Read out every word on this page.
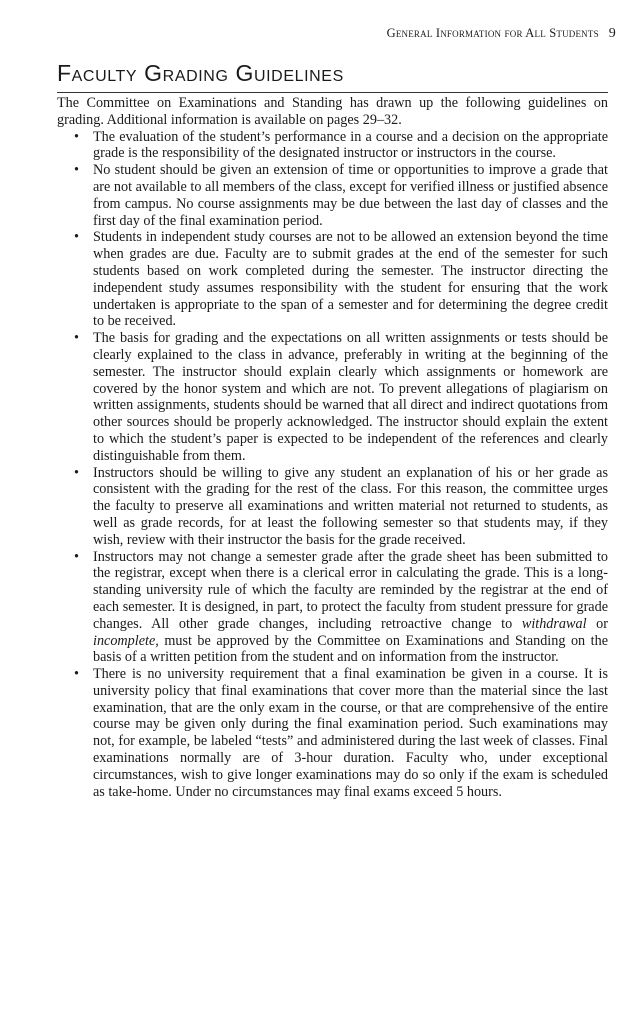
General Information for All Students 9
Faculty Grading Guidelines

The Committee on Examinations and Standing has drawn up the following guidelines on grading. Additional information is available on pages 29–32.

• The evaluation of the student’s performance in a course and a decision on the appropriate grade is the responsibility of the designated instructor or instructors in the course.
• No student should be given an extension of time or opportunities to improve a grade that are not available to all members of the class, except for verified illness or justified absence from campus. No course assignments may be due between the last day of classes and the first day of the final examination period.
• Students in independent study courses are not to be allowed an extension beyond the time when grades are due. Faculty are to submit grades at the end of the semester for such students based on work completed during the semester. The instructor directing the independent study assumes responsibility with the student for ensuring that the work undertaken is appropriate to the span of a semester and for determining the degree credit to be received.
• The basis for grading and the expectations on all written assignments or tests should be clearly explained to the class in advance, preferably in writing at the beginning of the semester. The instructor should explain clearly which assignments or homework are covered by the honor system and which are not. To prevent allegations of plagiarism on written assignments, students should be warned that all direct and indirect quotations from other sources should be properly acknowledged. The instructor should explain the extent to which the student’s paper is expected to be independent of the references and clearly distinguishable from them.
• Instructors should be willing to give any student an explanation of his or her grade as consistent with the grading for the rest of the class. For this reason, the committee urges the faculty to preserve all examinations and written material not returned to students, as well as grade records, for at least the following semester so that students may, if they wish, review with their instructor the basis for the grade received.
• Instructors may not change a semester grade after the grade sheet has been submitted to the registrar, except when there is a clerical error in calculating the grade. This is a long-standing university rule of which the faculty are reminded by the registrar at the end of each semester. It is designed, in part, to protect the faculty from student pressure for grade changes. All other grade changes, including retroactive change to withdrawal or incomplete, must be approved by the Committee on Examinations and Standing on the basis of a written petition from the student and on information from the instructor.
• There is no university requirement that a final examination be given in a course. It is university policy that final examinations that cover more than the material since the last examination, that are the only exam in the course, or that are comprehensive of the entire course may be given only during the final examination period. Such examinations may not, for example, be labeled “tests” and administered during the last week of classes. Final examinations normally are of 3-hour duration. Faculty who, under exceptional circumstances, wish to give longer examinations may do so only if the exam is scheduled as take-home. Under no circumstances may final exams exceed 5 hours.
